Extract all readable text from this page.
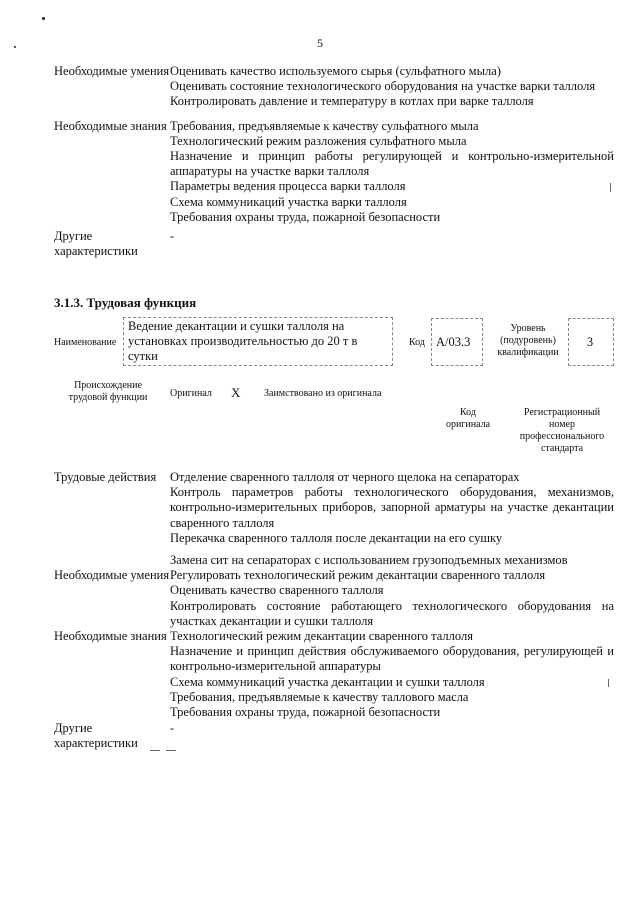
5
Необходимые умения Оценивать качество используемого сырья (сульфатного мыла)
Оценивать состояние технологического оборудования на участке варки таллоля
Контролировать давление и температуру в котлах при варке таллоля
Необходимые знания Требования, предъявляемые к качеству сульфатного мыла
Технологический режим разложения сульфатного мыла
Назначение и принцип работы регулирующей и контрольно-измерительной аппаратуры на участке варки таллоля
Параметры ведения процесса варки таллоля
Схема коммуникаций участка варки таллоля
Требования охраны труда, пожарной безопасности
Другие характеристики
-
3.1.3. Трудовая функция
Наименование
Ведение декантации и сушки таллоля на установках производительностью до 20 т в сутки
Код A/03.3
Уровень (подуровень) квалификации
3
Происхождение трудовой функции	Оригинал X Заимствовано из оригинала
Код оригинала
Регистрационный номер профессионального стандарта
Трудовые действия	Отделение сваренного таллоля от черного щелока на сепараторах
Контроль параметров работы технологического оборудования, механизмов, контрольно-измерительных приборов, запорной арматуры на участке декантации сваренного таллоля
Перекачка сваренного таллоля после декантации на его сушку
Замена сит на сепараторах с использованием грузоподъемных механизмов
Необходимые умения Регулировать технологический режим декантации сваренного таллоля
Оценивать качество сваренного таллоля
Контролировать состояние работающего технологического оборудования на участках декантации и сушки таллоля
Необходимые знания Технологический режим декантации сваренного таллоля
Назначение и принцип действия обслуживаемого оборудования, регулирующей и контрольно-измерительной аппаратуры
Схема коммуникаций участка декантации и сушки таллоля
Требования, предъявляемые к качеству таллового масла
Требования охраны труда, пожарной безопасности
Другие характеристики
-
